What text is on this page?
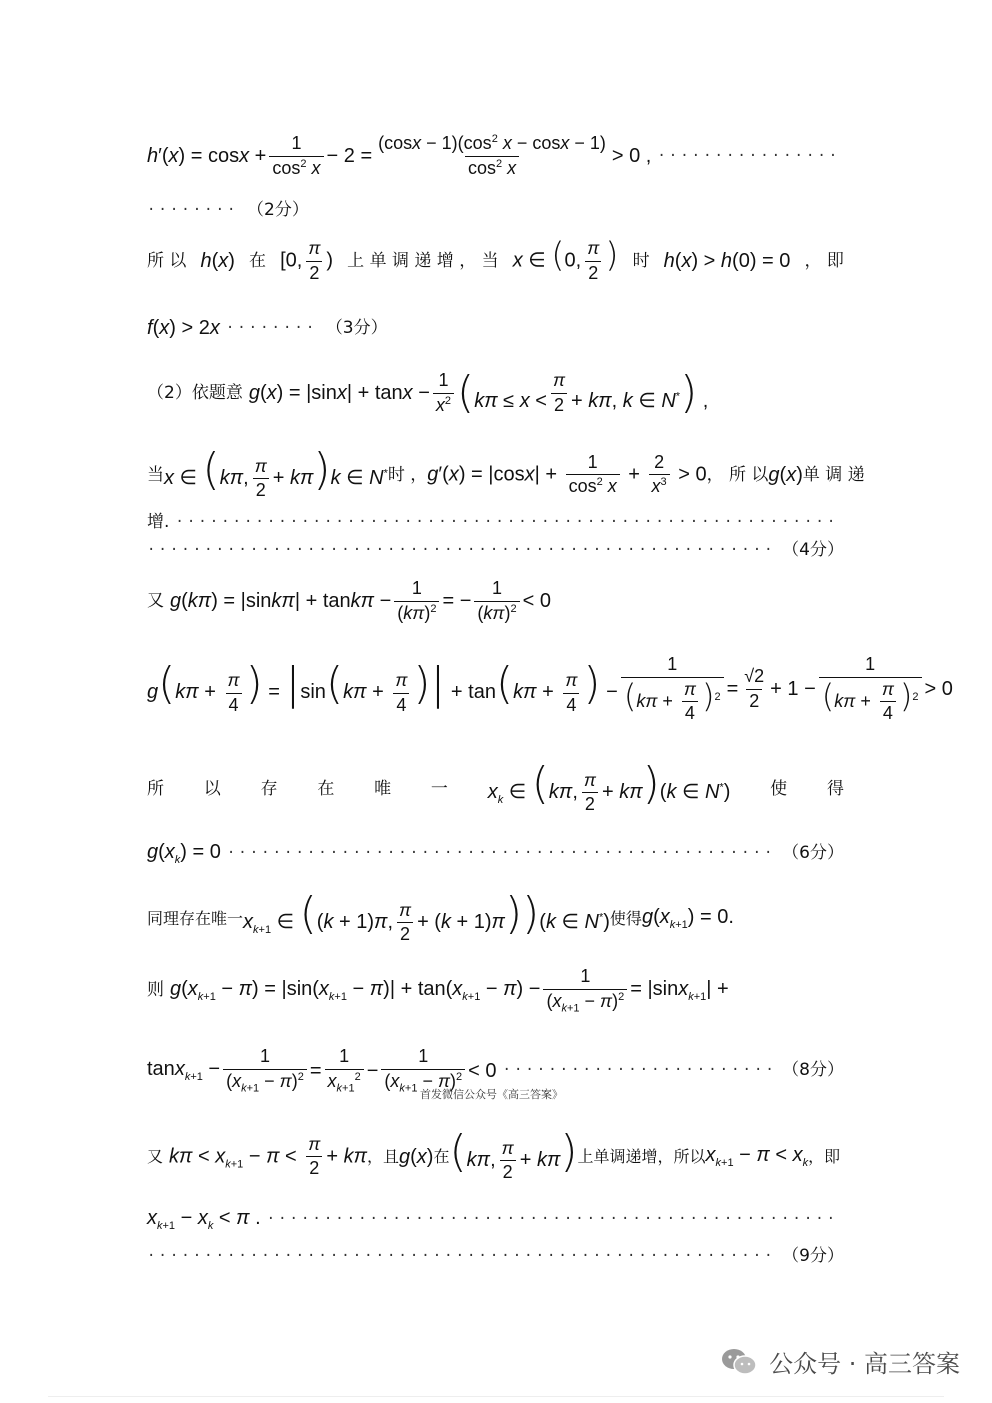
$h'(x) = \cos x + \frac{1}{\cos^2 x} - 2 = \frac{(\cos x - 1)(\cos^2 x - \cos x - 1)}{\cos^2 x} > 0$ ,
·····
·····
（2分）
所 以 h(x) 在 [0, $\frac{\pi}{2}$ ) 上 单 调 递 增 ， 当 x ∈ (0, $\frac{\pi}{2}$ ) 时 h(x) > h(0) = 0 ， 即
f(x) > 2x ·····	（3分）
（2）依题意 $g(x) = |\sin x| + \tan x - \frac{1}{x^2} (k\pi \le x < \frac{\pi}{2} + k\pi$, k ∈ N*) ,
当 x ∈ (kπ, $\frac{\pi}{2} + k\pi)k$ ∈ N* 时 ， $g'(x) = |\cos x| + \frac{1}{\cos^2 x} + \frac{2}{x^3} > 0$ ， 所 以 g(x) 单 调 递
增.
·····
·····
（4分）
又 $g(k\pi) = |\sin k\pi| + \tan k\pi - \frac{1}{(k\pi)^2}$ = − $\frac{1}{(k\pi)^2} < 0$
$g(k\pi + \frac{\pi}{4}$ ) = $|\sin(k\pi + \frac{\pi}{4}$ )| + $\tan(k\pi + \frac{\pi}{4}$ ) − $\frac{1}{(k\pi + \frac{\pi}{4} )^2} = \frac{√2}{2} + 1 - \frac{1}{(k\pi + \frac{\pi}{4} )^2} > 0$
所 以 存 在 唯 一 $x_k$ ∈ (kπ, $\frac{\pi}{2} + k\pi)(k$ ∈ N*) 使 得
$g(x_k) = 0$ ·····	（6分）
同理存在唯一 $x_{k+1}$ ∈ ((k + 1)π, $\frac{\pi}{2} + (k + 1)\pi))(k$ ∈ N*) 使得 $g(x_{k+1}) = 0$.
则 $g(x_{k+1} - \pi) = |\sin(x_{k+1} - \pi)| + \tan(x_{k+1} - \pi) - \frac{1}{(x_{k+1} - \pi)^2} = |\sin x_{k+1}|$ +
$\tan x_{k+1} - \frac{1}{(x_{k+1} - \pi)^2} = \frac{1}{x_{k+1}^2} - \frac{1}{(x_{k+1} - \pi)^2} < 0$ ·····	（8分）
首发微信公众号《高三答案》
又 $k\pi < x_{k+1} - \pi < \frac{\pi}{2} + k\pi$ ，且 g(x) 在 (kπ, $\frac{\pi}{2} + k\pi$) 上单调递增，所以 $x_{k+1} - \pi < x_k$ ，即
$x_{k+1} - x_k < \pi$ .
·····
·····
（9分）
公众号 · 高三答案
